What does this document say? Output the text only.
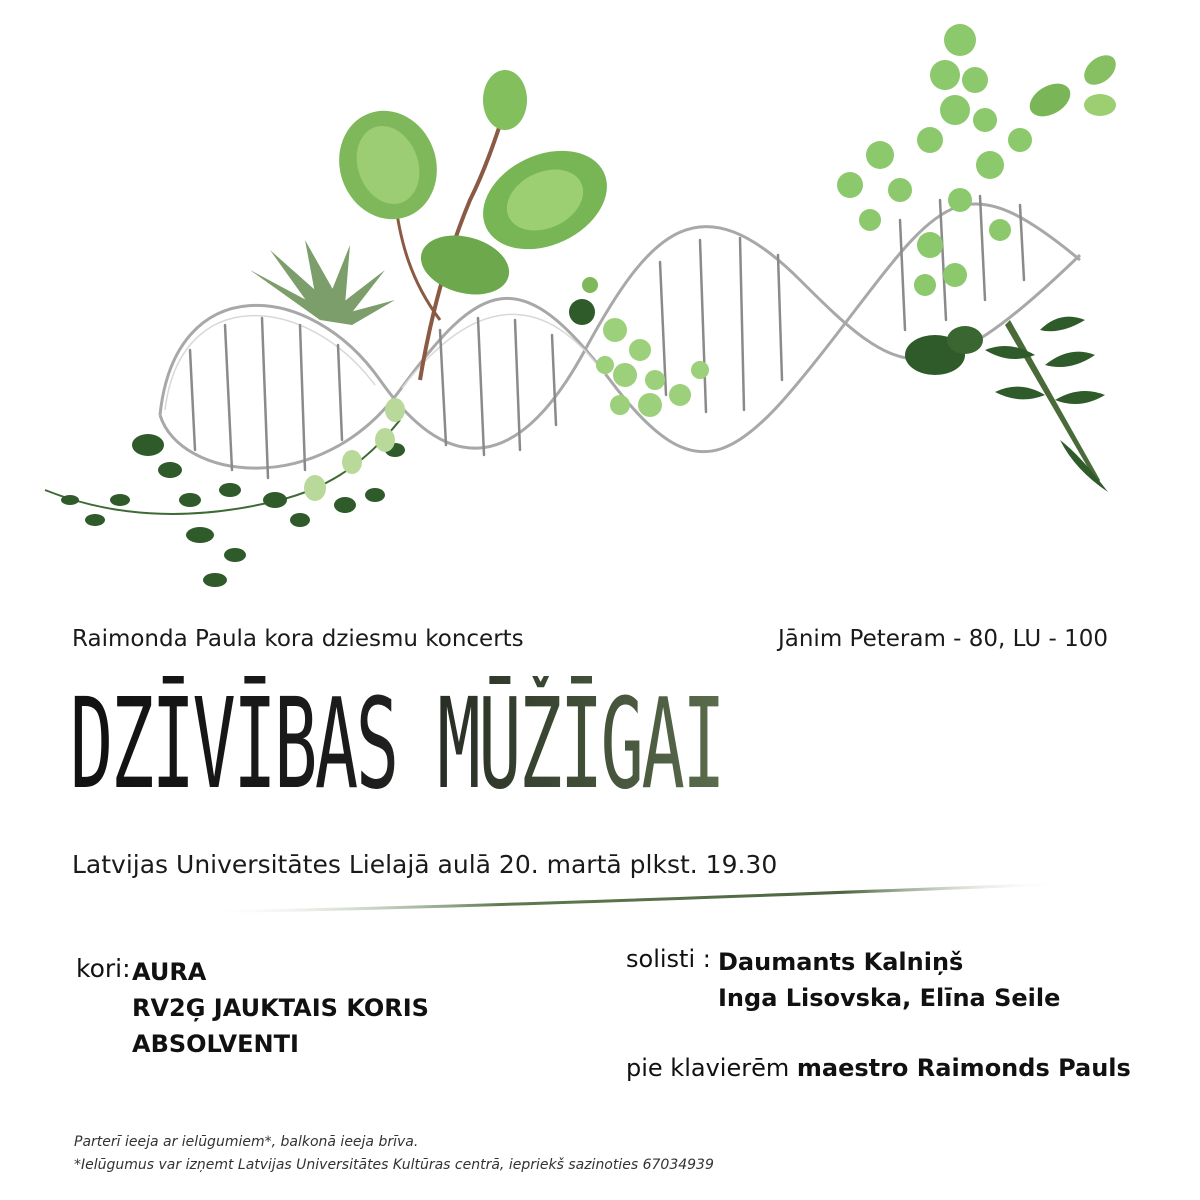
Raimonda Paula kora dziesmu koncerts	Jānim Peteram - 80, LU - 100
DZĪVĪBAS MŪŽĪGAIS VĀRDS
Latvijas Universitātes Lielajā aulā 20. martā plkst. 19.30
kori: AURA
RV2Ģ JAUKTAIS KORIS
ABSOLVENTI
solisti : Daumants Kalniņš
Inga Lisovska, Elīna Seile
pie klavierēm maestro Raimonds Pauls
Parterī ieeja ar ielūgumiem*, balkonā ieeja brīva.
*Ielūgumus var izņemt Latvijas Universitātes Kultūras centrā, iepriekš sazinoties 67034939
